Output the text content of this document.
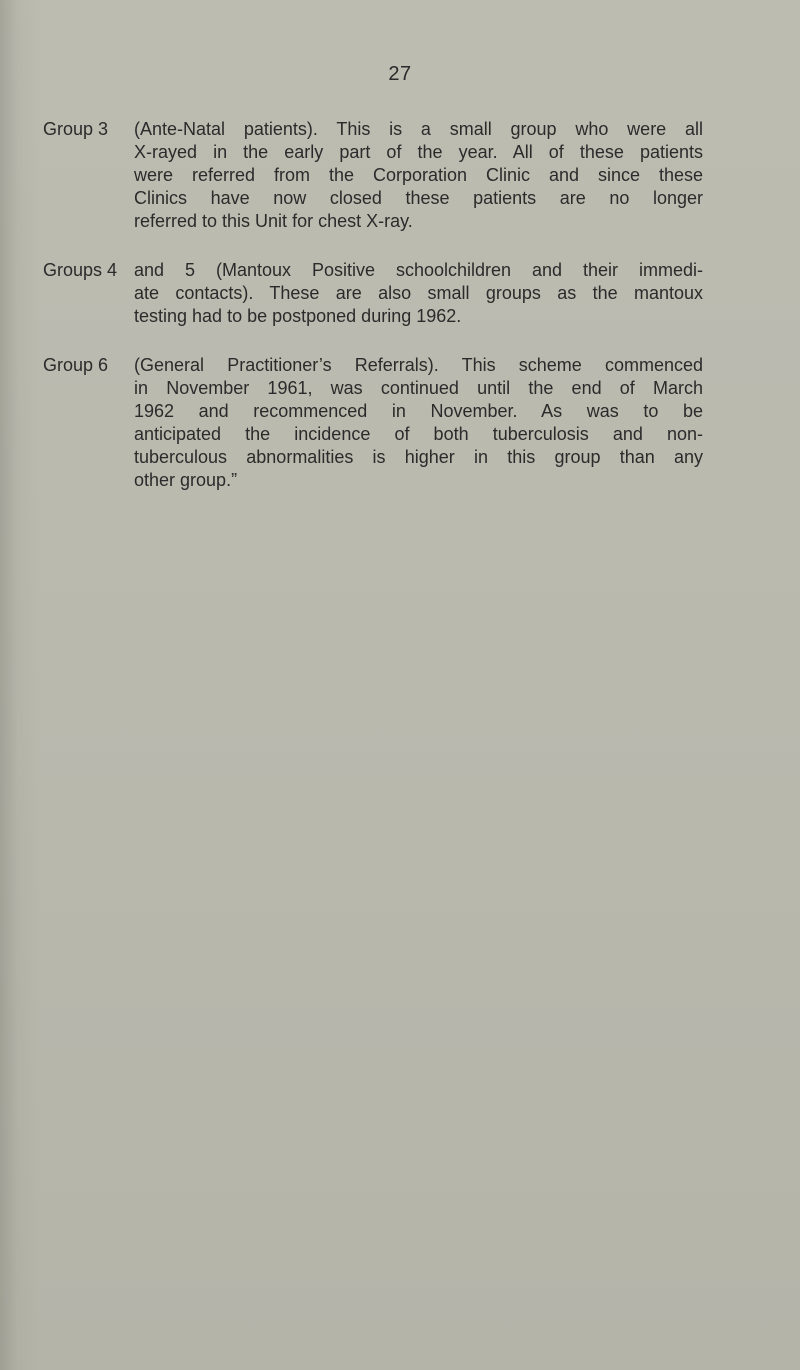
27
Group 3 (Ante-Natal patients). This is a small group who were all
X-rayed in the early part of the year. All of these patients
were referred from the Corporation Clinic and since these
Clinics have now closed these patients are no longer
referred to this Unit for chest X-ray.
Groups 4 and 5 (Mantoux Positive schoolchildren and their immedi-
ate contacts). These are also small groups as the mantoux
testing had to be postponed during 1962.
Group 6 (General Practitioner’s Referrals). This scheme commenced
in November 1961, was continued until the end of March
1962 and recommenced in November. As was to be
anticipated the incidence of both tuberculosis and non-
tuberculous abnormalities is higher in this group than any
other group.”
